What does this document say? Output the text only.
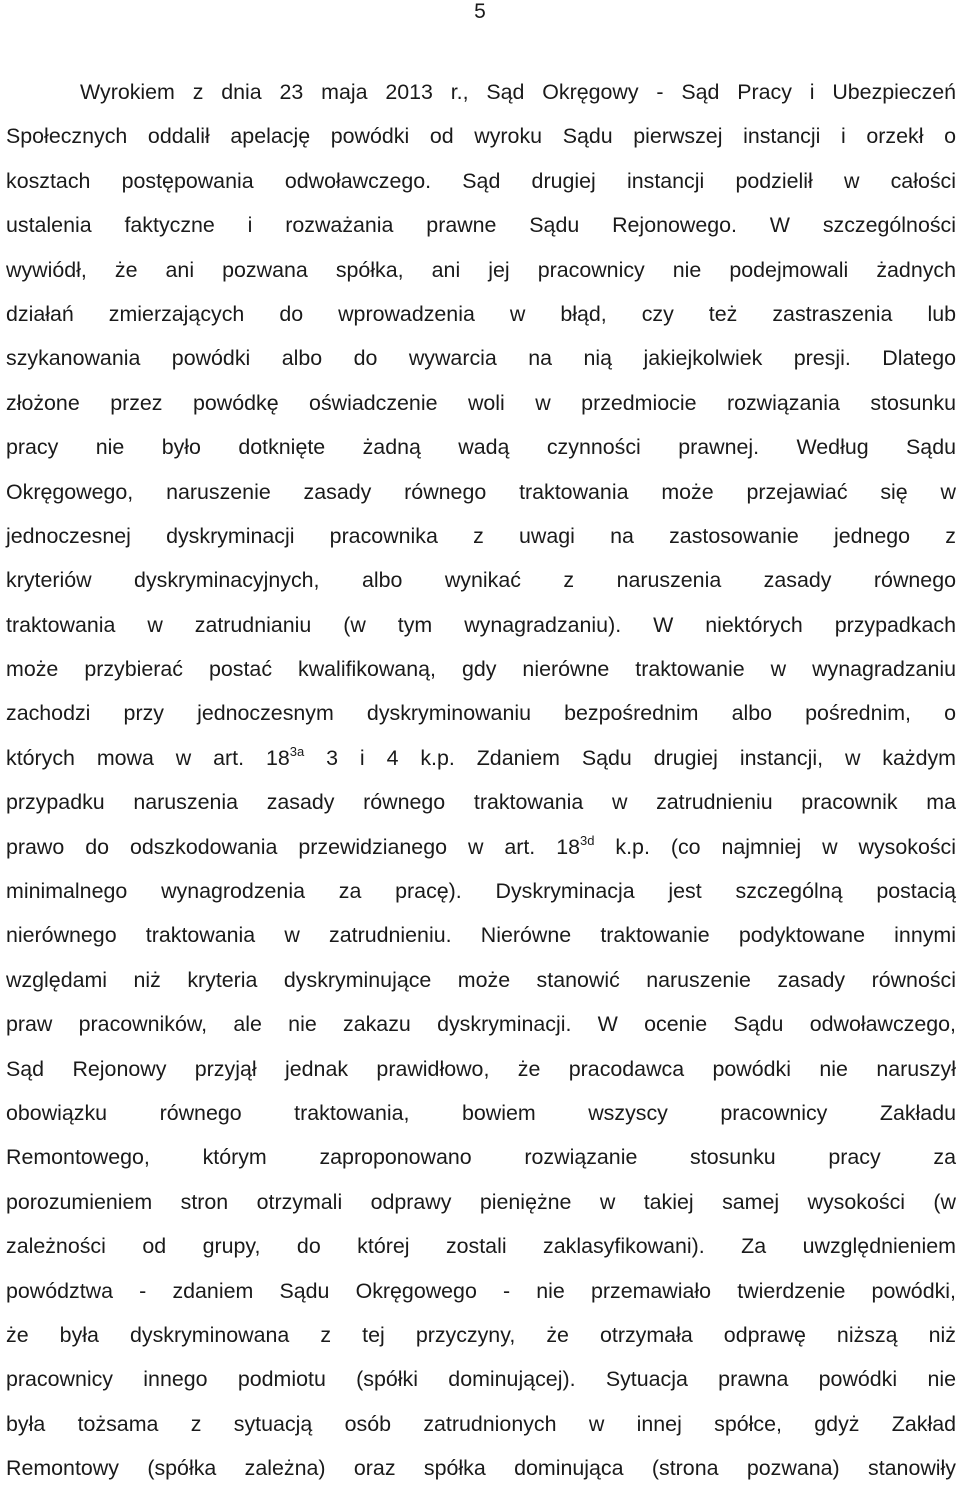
5
Wyrokiem z dnia 23 maja 2013 r., Sąd Okręgowy - Sąd Pracy i Ubezpieczeń
Społecznych oddalił apelację powódki od wyroku Sądu pierwszej instancji i orzekł o
kosztach postępowania odwoławczego. Sąd drugiej instancji podzielił w całości
ustalenia faktyczne i rozważania prawne Sądu Rejonowego. W szczególności
wywiódł, że ani pozwana spółka, ani jej pracownicy nie podejmowali żadnych
działań zmierzających do wprowadzenia w błąd, czy też zastraszenia lub
szykanowania powódki albo do wywarcia na nią jakiejkolwiek presji. Dlatego
złożone przez powódkę oświadczenie woli w przedmiocie rozwiązania stosunku
pracy nie było dotknięte żadną wadą czynności prawnej. Według Sądu
Okręgowego, naruszenie zasady równego traktowania może przejawiać się w
jednoczesnej dyskryminacji pracownika z uwagi na zastosowanie jednego z
kryteriów dyskryminacyjnych, albo wynikać z naruszenia zasady równego
traktowania w zatrudnianiu (w tym wynagradzaniu). W niektórych przypadkach
może przybierać postać kwalifikowaną, gdy nierówne traktowanie w wynagradzaniu
zachodzi przy jednoczesnym dyskryminowaniu bezpośrednim albo pośrednim, o
których mowa w art. $18^{3a}$ 3 i 4 k.p. Zdaniem Sądu drugiej instancji, w każdym
przypadku naruszenia zasady równego traktowania w zatrudnieniu pracownik ma
prawo do odszkodowania przewidzianego w art. $18^{3d}$ k.p. (co najmniej w wysokości
minimalnego wynagrodzenia za pracę). Dyskryminacja jest szczególną postacią
nierównego traktowania w zatrudnieniu. Nierówne traktowanie podyktowane innymi
względami niż kryteria dyskryminujące może stanowić naruszenie zasady równości
praw pracowników, ale nie zakazu dyskryminacji. W ocenie Sądu odwoławczego,
Sąd Rejonowy przyjął jednak prawidłowo, że pracodawca powódki nie naruszył
obowiązku równego traktowania, bowiem wszyscy pracownicy Zakładu
Remontowego, którym zaproponowano rozwiązanie stosunku pracy za
porozumieniem stron otrzymali odprawy pieniężne w takiej samej wysokości (w
zależności od grupy, do której zostali zaklasyfikowani). Za uwzględnieniem
powództwa - zdaniem Sądu Okręgowego - nie przemawiało twierdzenie powódki,
że była dyskryminowana z tej przyczyny, że otrzymała odprawę niższą niż
pracownicy innego podmiotu (spółki dominującej). Sytuacja prawna powódki nie
była tożsama z sytuacją osób zatrudnionych w innej spółce, gdyż Zakład
Remontowy (spółka zależna) oraz spółka dominująca (strona pozwana) stanowiły
